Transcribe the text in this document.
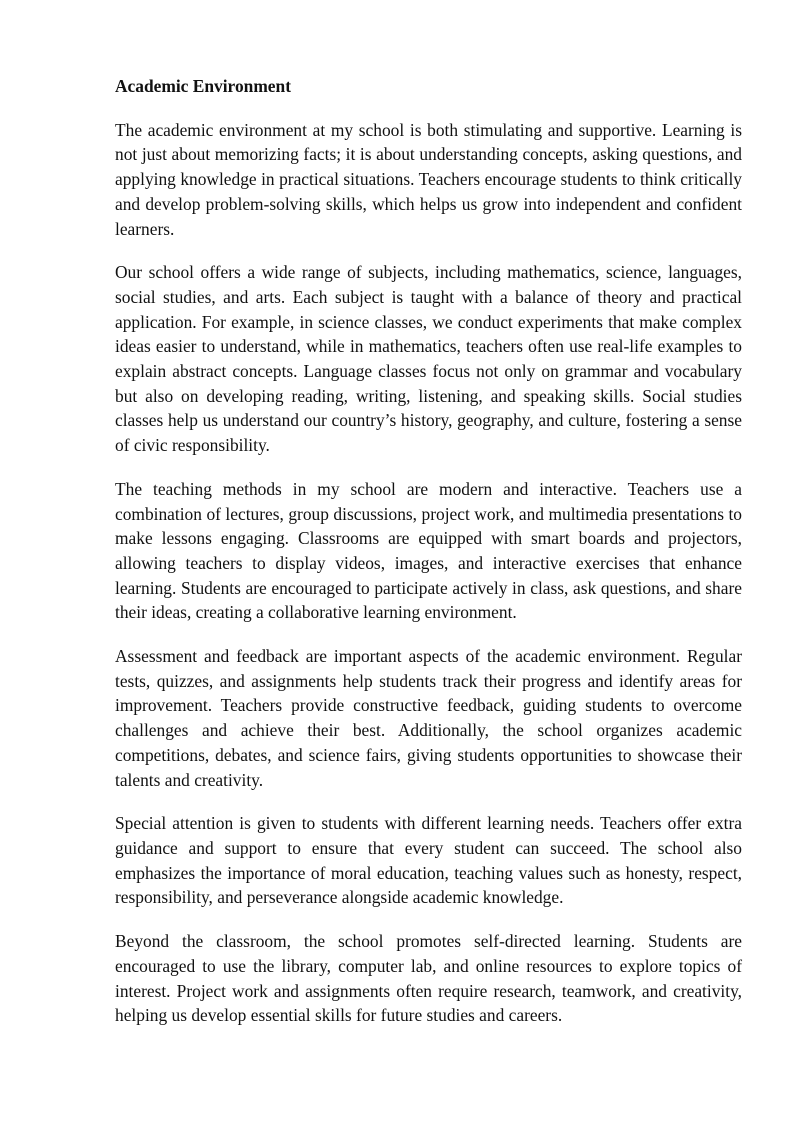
Academic Environment

The academic environment at my school is both stimulating and supportive. Learning is not just about memorizing facts; it is about understanding concepts, asking questions, and applying knowledge in practical situations. Teachers encourage students to think critically and develop problem-solving skills, which helps us grow into independent and confident learners.

Our school offers a wide range of subjects, including mathematics, science, languages, social studies, and arts. Each subject is taught with a balance of theory and practical application. For example, in science classes, we conduct experiments that make complex ideas easier to understand, while in mathematics, teachers often use real-life examples to explain abstract concepts. Language classes focus not only on grammar and vocabulary but also on developing reading, writing, listening, and speaking skills. Social studies classes help us understand our country’s history, geography, and culture, fostering a sense of civic responsibility.

The teaching methods in my school are modern and interactive. Teachers use a combination of lectures, group discussions, project work, and multimedia presentations to make lessons engaging. Classrooms are equipped with smart boards and projectors, allowing teachers to display videos, images, and interactive exercises that enhance learning. Students are encouraged to participate actively in class, ask questions, and share their ideas, creating a collaborative learning environment.

Assessment and feedback are important aspects of the academic environment. Regular tests, quizzes, and assignments help students track their progress and identify areas for improvement. Teachers provide constructive feedback, guiding students to overcome challenges and achieve their best. Additionally, the school organizes academic competitions, debates, and science fairs, giving students opportunities to showcase their talents and creativity.

Special attention is given to students with different learning needs. Teachers offer extra guidance and support to ensure that every student can succeed. The school also emphasizes the importance of moral education, teaching values such as honesty, respect, responsibility, and perseverance alongside academic knowledge.

Beyond the classroom, the school promotes self-directed learning. Students are encouraged to use the library, computer lab, and online resources to explore topics of interest. Project work and assignments often require research, teamwork, and creativity, helping us develop essential skills for future studies and careers.
